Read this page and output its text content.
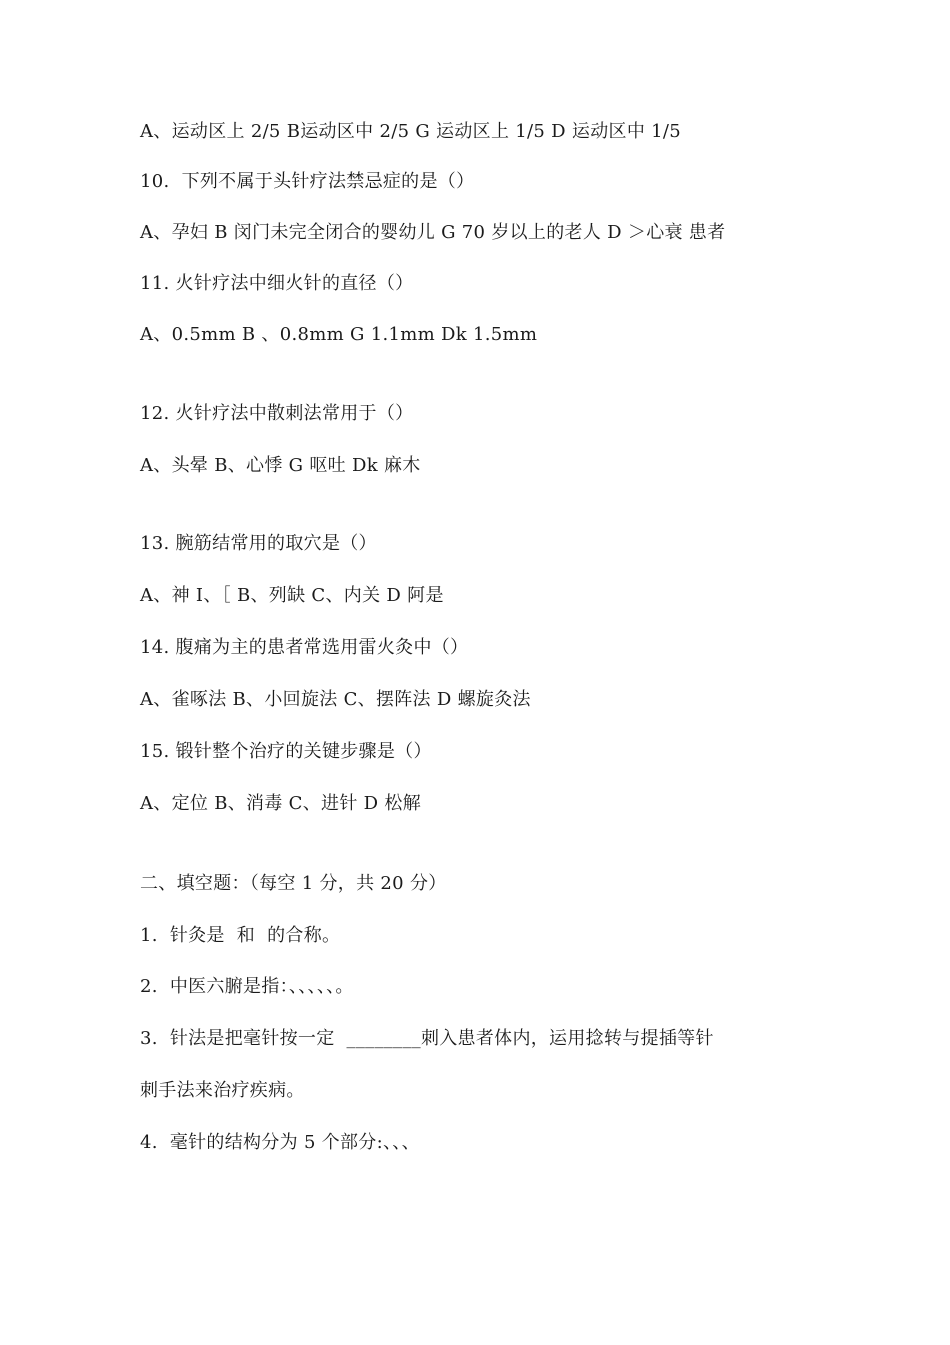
A、运动区上 2/5 B运动区中 2/5 G 运动区上 1/5 D 运动区中 1/5
10.  下列不属于头针疗法禁忌症的是（）
A、孕妇 B 闵门未完全闭合的婴幼儿 G 70 岁以上的老人 D ＞心衰 患者
11. 火针疗法中细火针的直径（）
A、0.5mm B 、0.8mm G 1.1mm Dk 1.5mm
12. 火针疗法中散刺法常用于（）
A、头晕 B、心悸 G 呕吐 Dk 麻木
13. 腕筋结常用的取穴是（）
A、神 I、［ B、列缺 C、内关 D 阿是
14. 腹痛为主的患者常选用雷火灸中（）
A、雀啄法 B、小回旋法 C、摆阵法 D 螺旋灸法
15. 锻针整个治疗的关键步骤是（）
A、定位 B、消毒 C、进针 D 松解
二、填空题：（每空 1 分，共 20 分）
1.  针灸是  和  的合称。
2.  中医六腑是指：、、、、、。
3.  针法是把毫针按一定  ________刺入患者体内，运用捻转与提插等针
刺手法来治疗疾病。
4.  毫针的结构分为 5 个部分:、、、
